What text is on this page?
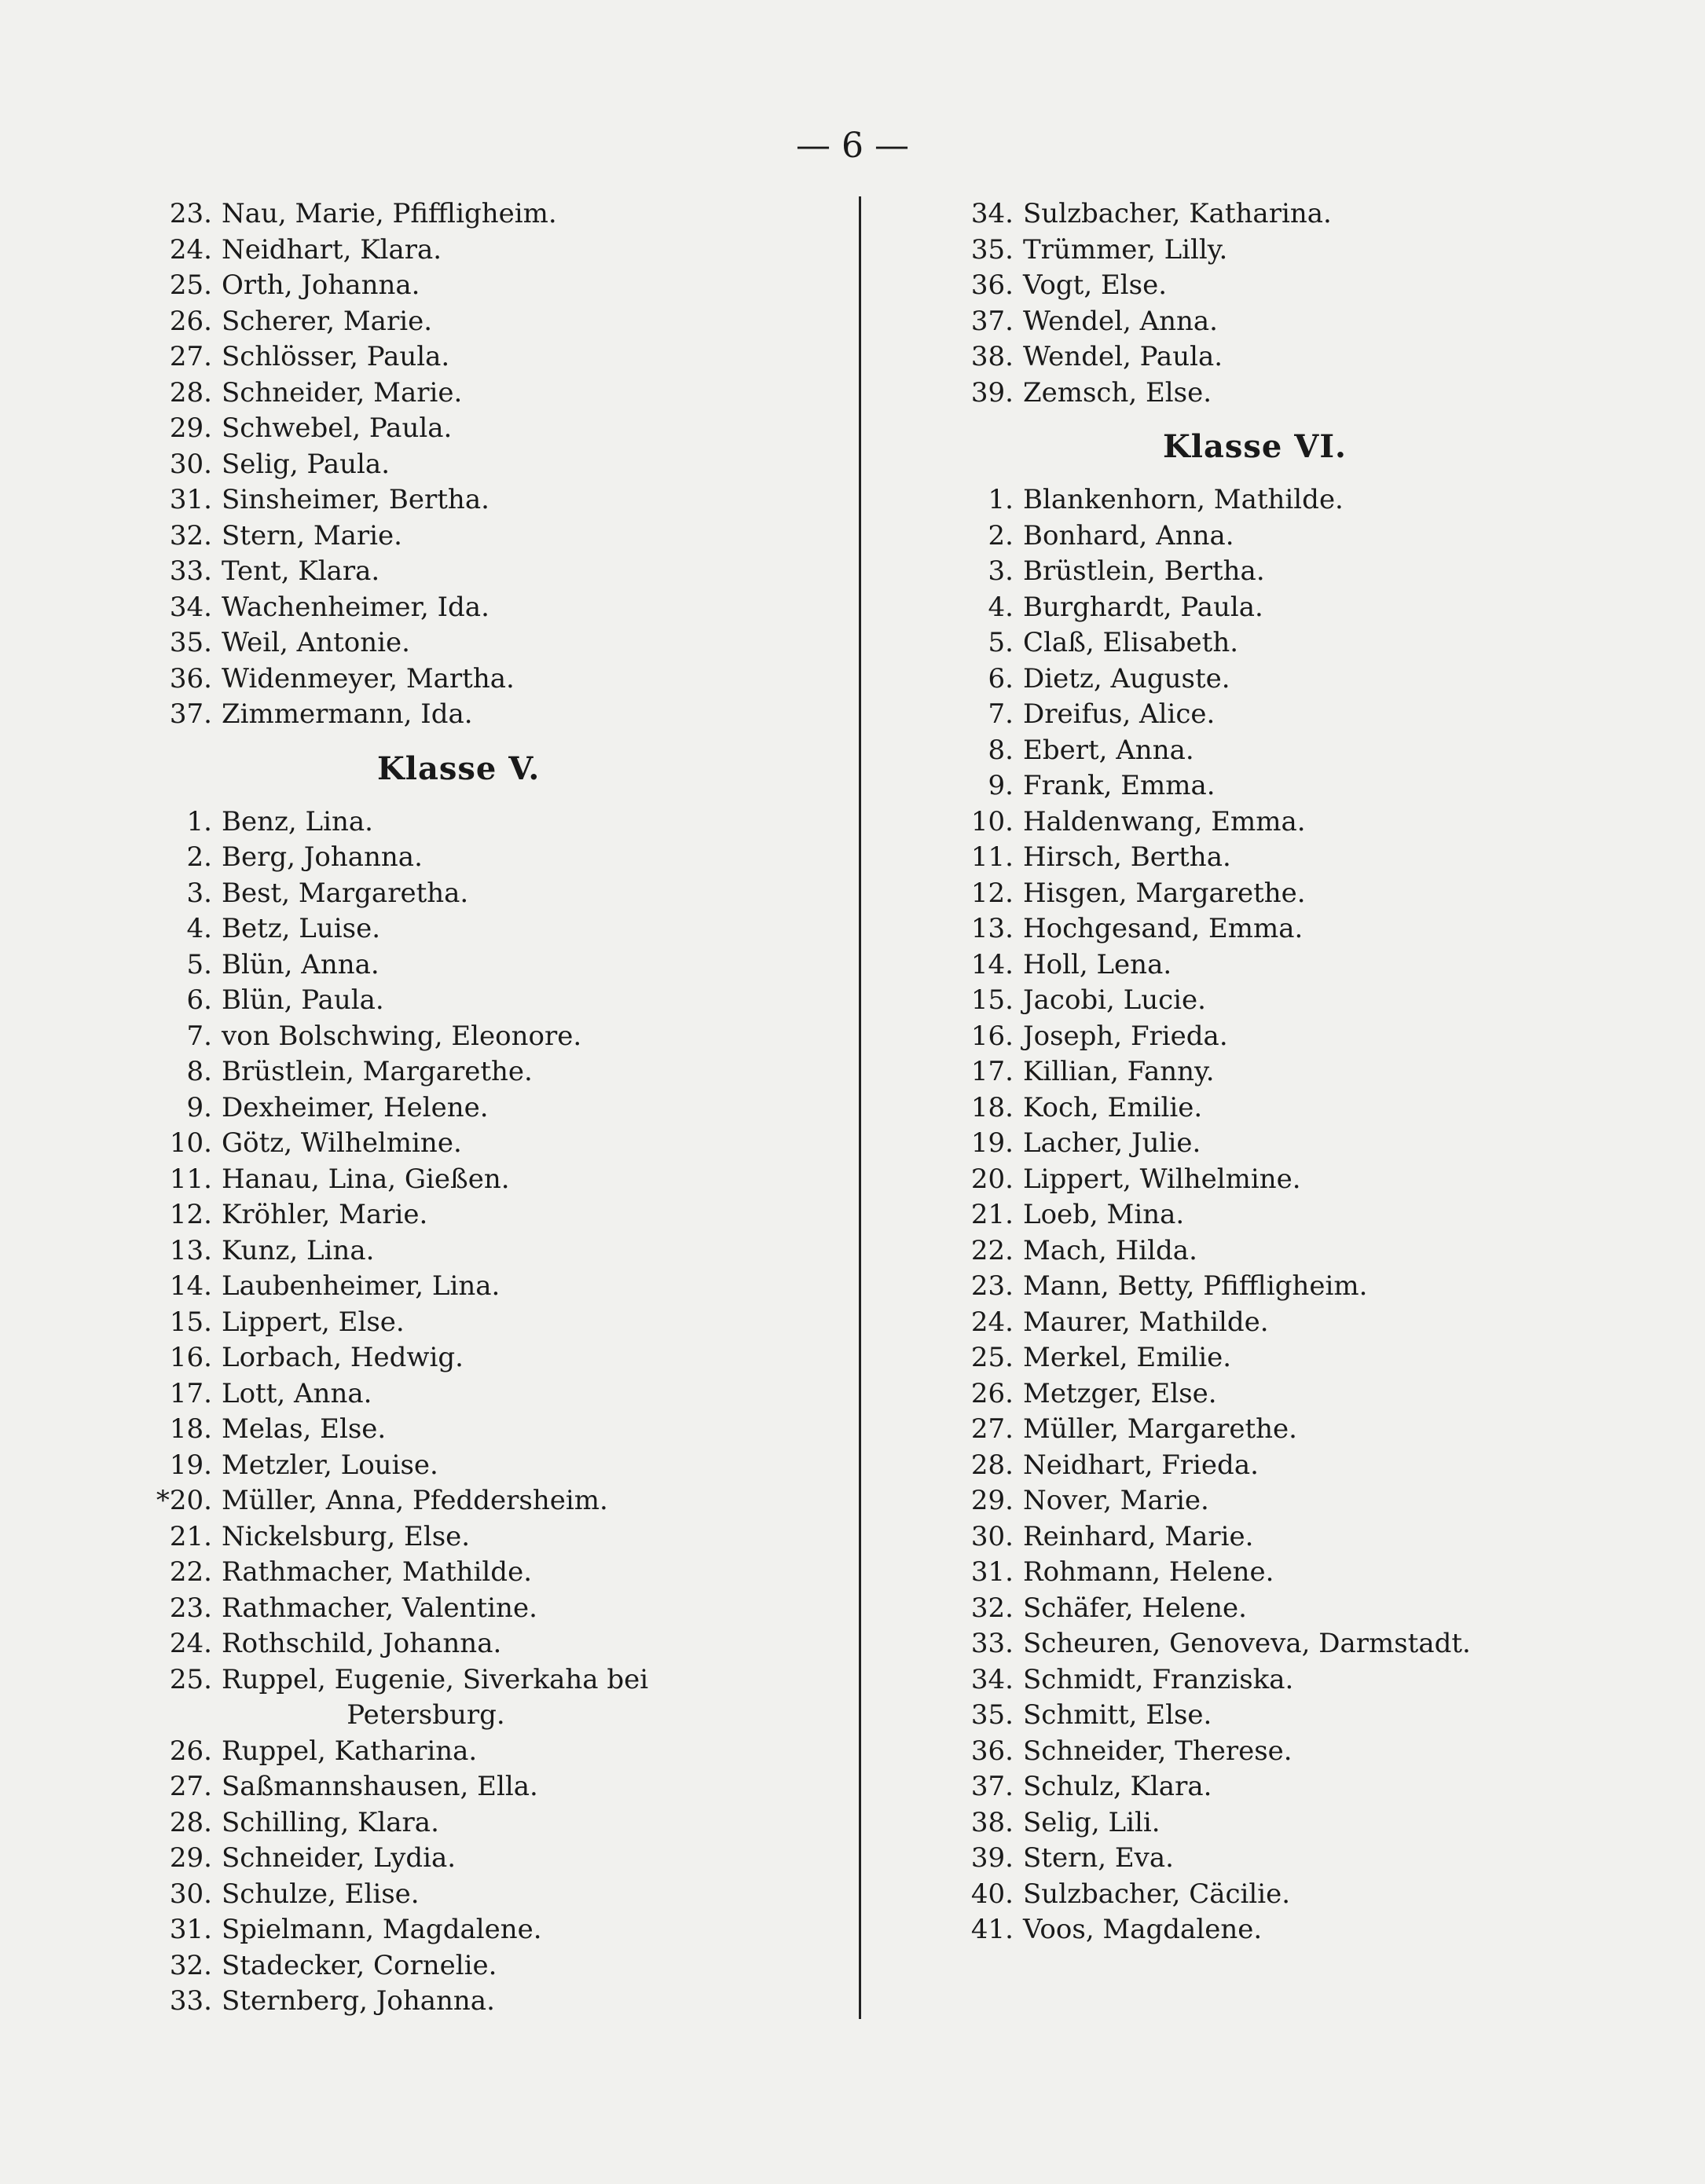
— 6 —
23. Nau, Marie, Pfiffligheim.
24. Neidhart, Klara.
25. Orth, Johanna.
26. Scherer, Marie.
27. Schlösser, Paula.
28. Schneider, Marie.
29. Schwebel, Paula.
30. Selig, Paula.
31. Sinsheimer, Bertha.
32. Stern, Marie.
33. Tent, Klara.
34. Wachenheimer, Ida.
35. Weil, Antonie.
36. Widenmeyer, Martha.
37. Zimmermann, Ida.
Klasse V.
1. Benz, Lina.
2. Berg, Johanna.
3. Best, Margaretha.
4. Betz, Luise.
5. Blün, Anna.
6. Blün, Paula.
7. von Bolschwing, Eleonore.
8. Brüstlein, Margarethe.
9. Dexheimer, Helene.
10. Götz, Wilhelmine.
11. Hanau, Lina, Gießen.
12. Kröhler, Marie.
13. Kunz, Lina.
14. Laubenheimer, Lina.
15. Lippert, Else.
16. Lorbach, Hedwig.
17. Lott, Anna.
18. Melas, Else.
19. Metzler, Louise.
*20. Müller, Anna, Pfeddersheim.
21. Nickelsburg, Else.
22. Rathmacher, Mathilde.
23. Rathmacher, Valentine.
24. Rothschild, Johanna.
25. Ruppel, Eugenie, Siverkaha bei
Petersburg.
26. Ruppel, Katharina.
27. Saßmannshausen, Ella.
28. Schilling, Klara.
29. Schneider, Lydia.
30. Schulze, Elise.
31. Spielmann, Magdalene.
32. Stadecker, Cornelie.
33. Sternberg, Johanna.
34. Sulzbacher, Katharina.
35. Trümmer, Lilly.
36. Vogt, Else.
37. Wendel, Anna.
38. Wendel, Paula.
39. Zemsch, Else.
Klasse VI.
1. Blankenhorn, Mathilde.
2. Bonhard, Anna.
3. Brüstlein, Bertha.
4. Burghardt, Paula.
5. Claß, Elisabeth.
6. Dietz, Auguste.
7. Dreifus, Alice.
8. Ebert, Anna.
9. Frank, Emma.
10. Haldenwang, Emma.
11. Hirsch, Bertha.
12. Hisgen, Margarethe.
13. Hochgesand, Emma.
14. Holl, Lena.
15. Jacobi, Lucie.
16. Joseph, Frieda.
17. Killian, Fanny.
18. Koch, Emilie.
19. Lacher, Julie.
20. Lippert, Wilhelmine.
21. Loeb, Mina.
22. Mach, Hilda.
23. Mann, Betty, Pfiffligheim.
24. Maurer, Mathilde.
25. Merkel, Emilie.
26. Metzger, Else.
27. Müller, Margarethe.
28. Neidhart, Frieda.
29. Nover, Marie.
30. Reinhard, Marie.
31. Rohmann, Helene.
32. Schäfer, Helene.
33. Scheuren, Genoveva, Darmstadt.
34. Schmidt, Franziska.
35. Schmitt, Else.
36. Schneider, Therese.
37. Schulz, Klara.
38. Selig, Lili.
39. Stern, Eva.
40. Sulzbacher, Cäcilie.
41. Voos, Magdalene.
